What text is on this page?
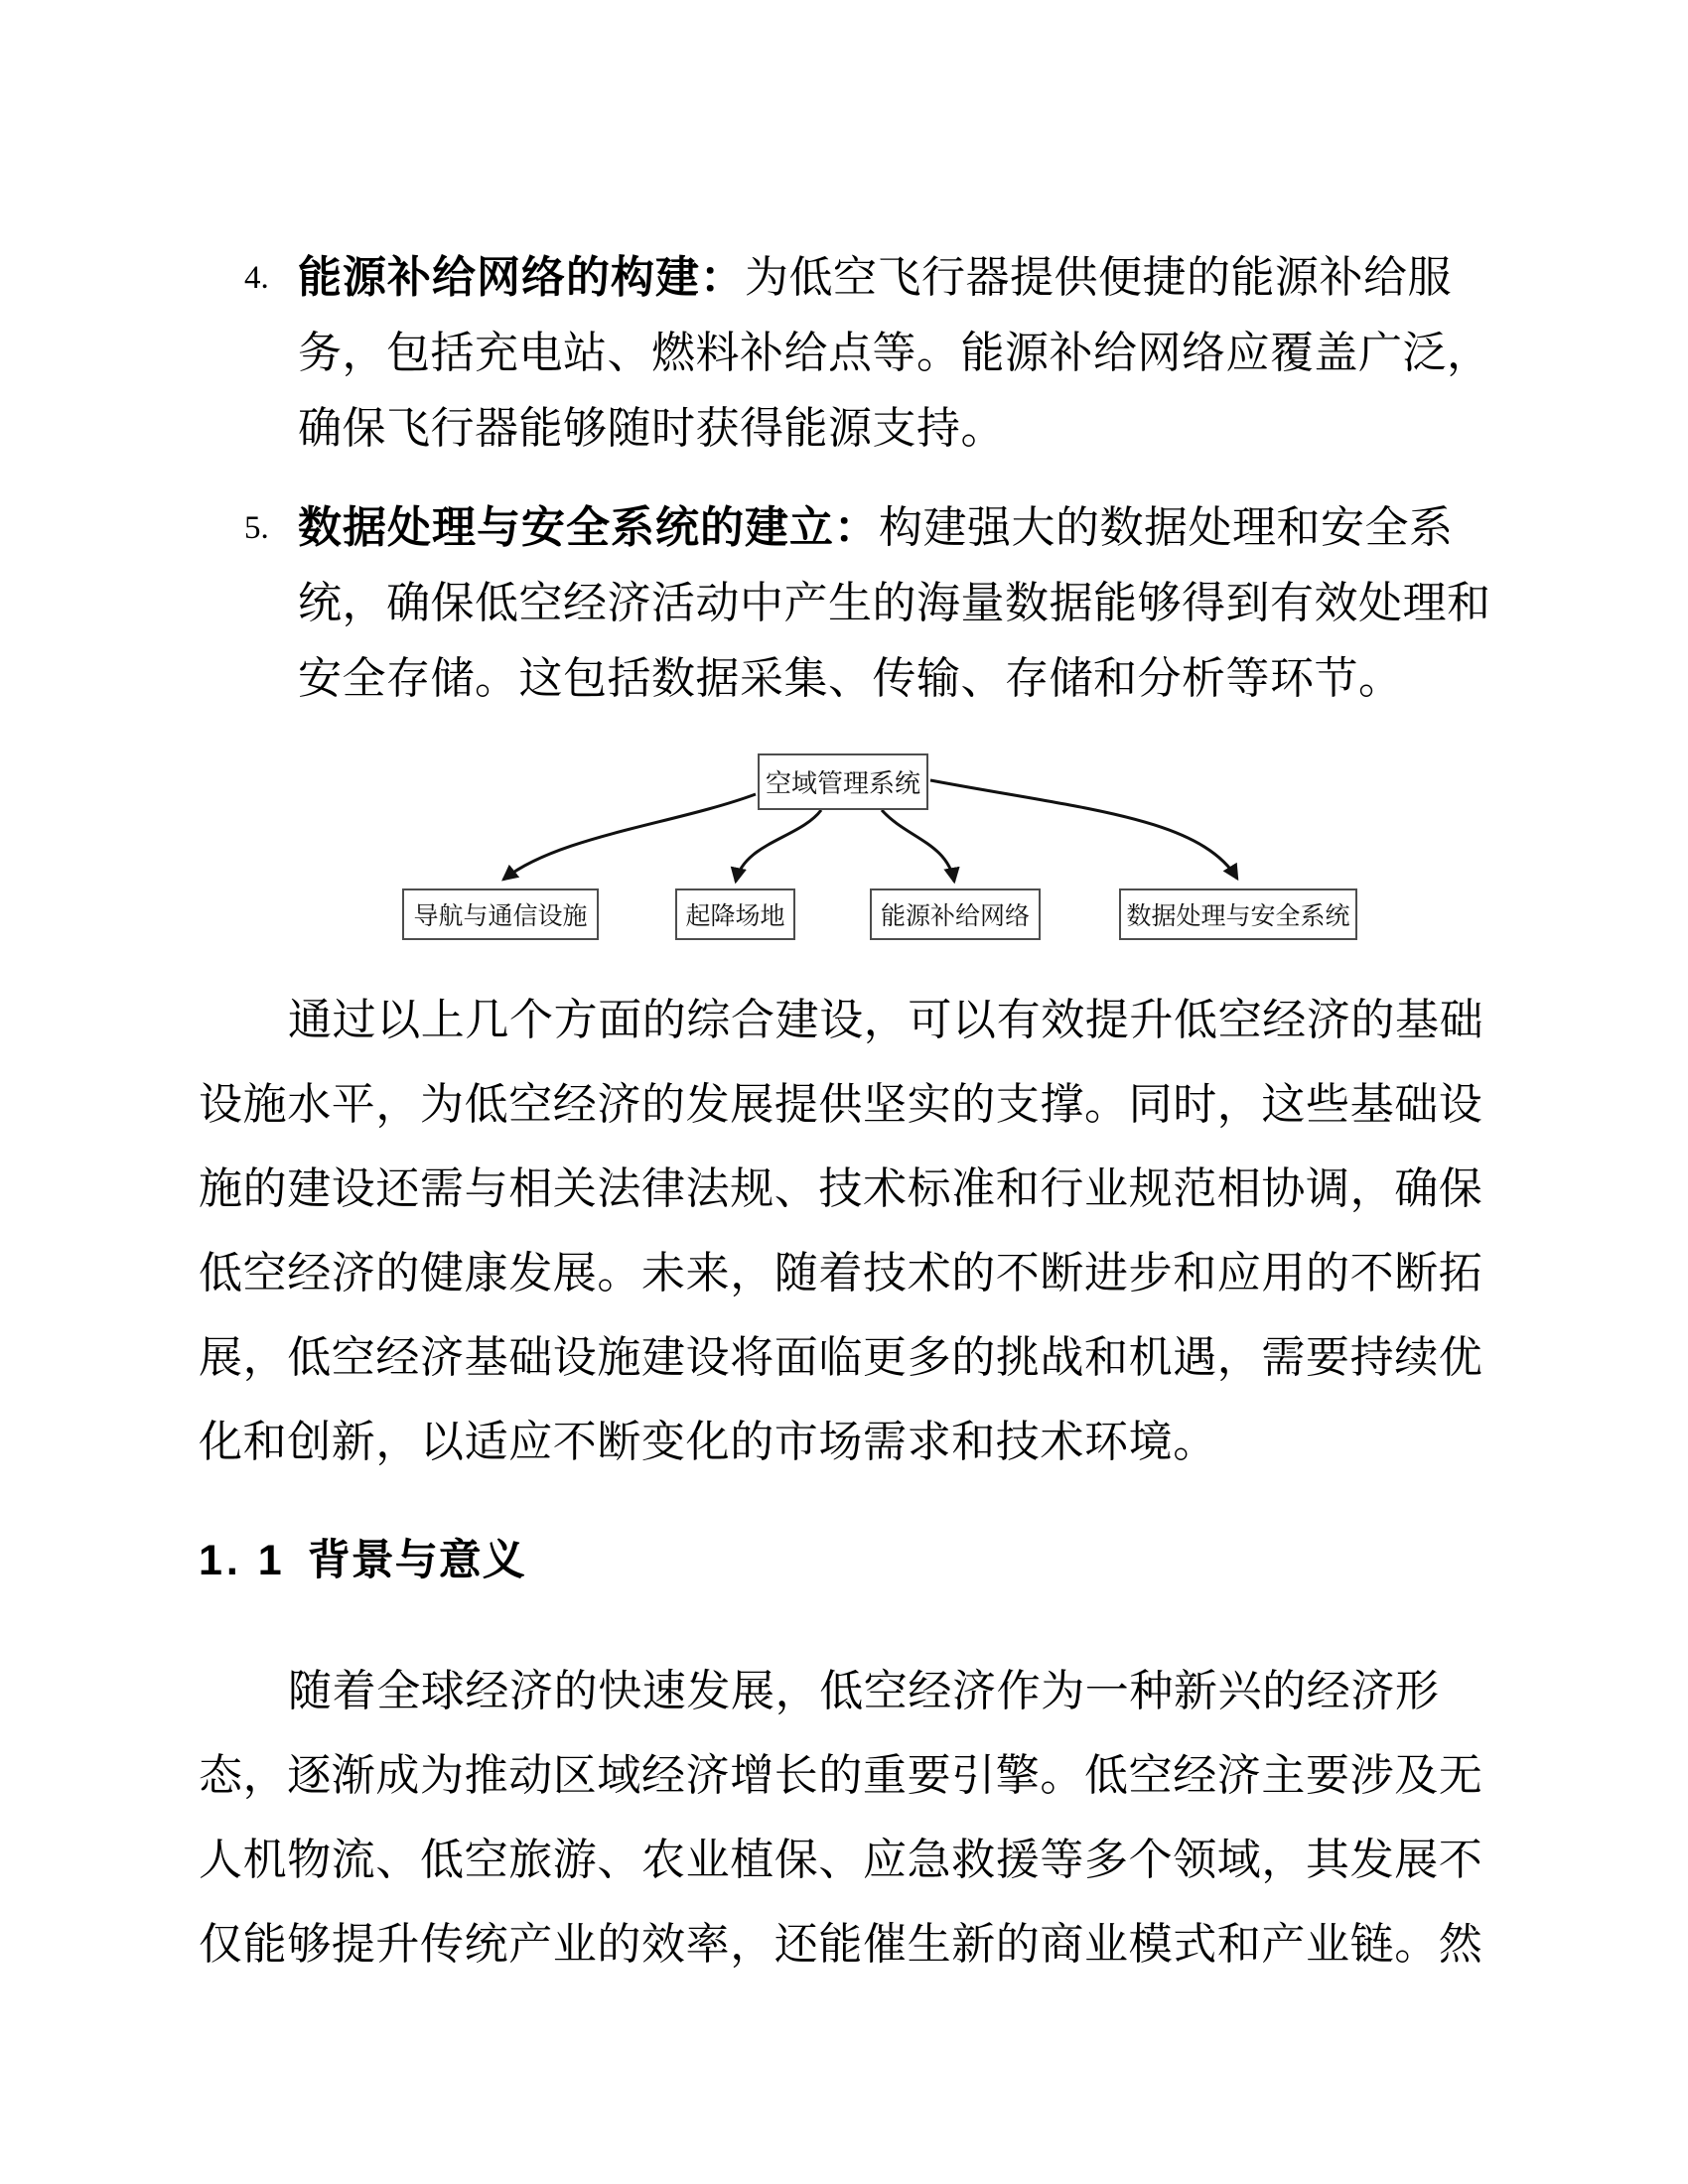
4. 能源补给网络的构建：为低空飞行器提供便捷的能源补给服
务，包括充电站、燃料补给点等。能源补给网络应覆盖广泛，
确保飞行器能够随时获得能源支持。
5. 数据处理与安全系统的建立：构建强大的数据处理和安全系
统，确保低空经济活动中产生的海量数据能够得到有效处理和
安全存储。这包括数据采集、传输、存储和分析等环节。
空域管理系统
导航与通信设施	起降场地	能源补给网络	数据处理与安全系统
通过以上几个方面的综合建设，可以有效提升低空经济的基础
设施水平，为低空经济的发展提供坚实的支撑。同时，这些基础设
施的建设还需与相关法律法规、技术标准和行业规范相协调，确保
低空经济的健康发展。未来，随着技术的不断进步和应用的不断拓
展，低空经济基础设施建设将面临更多的挑战和机遇，需要持续优
化和创新，以适应不断变化的市场需求和技术环境。
1. 1 背景与意义
随着全球经济的快速发展，低空经济作为一种新兴的经济形
态，逐渐成为推动区域经济增长的重要引擎。低空经济主要涉及无
人机物流、低空旅游、农业植保、应急救援等多个领域，其发展不
仅能够提升传统产业的效率，还能催生新的商业模式和产业链。然
